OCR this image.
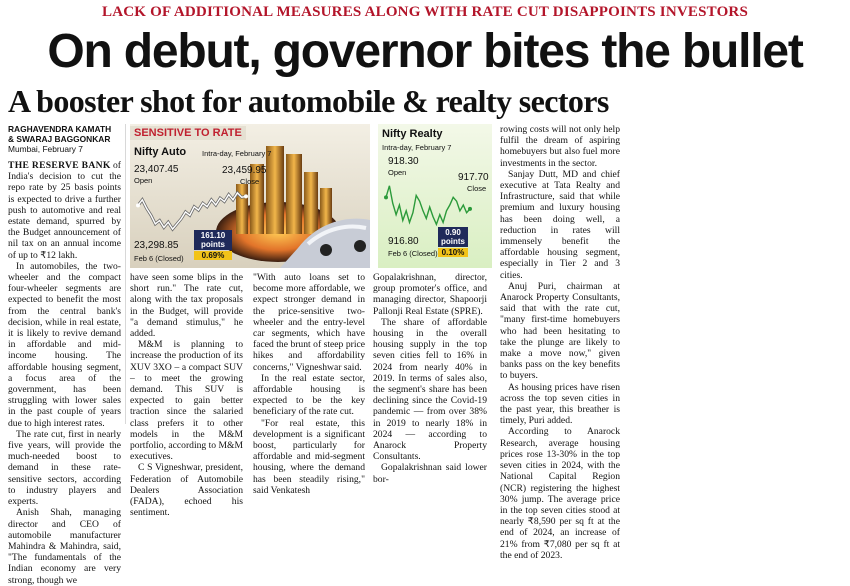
LACK OF ADDITIONAL MEASURES ALONG WITH RATE CUT DISAPPOINTS INVESTORS
On debut, governor bites the bullet
A booster shot for automobile & realty sectors
RAGHAVENDRA KAMATH
& SWARAJ BAGGONKAR
Mumbai, February 7

THE RESERVE BANK of India's decision to cut the repo rate by 25 basis points is expected to drive a further push to automotive and real estate demand, spurred by the Budget announcement of nil tax on an annual income of up to ₹12 lakh.

In automobiles, the two-wheeler and the compact four-wheeler segments are expected to benefit the most from the central bank's decision, while in real estate, it is likely to revive demand in affordable and mid-income housing. The affordable housing segment, a focus area of the government, has been struggling with lower sales in the past couple of years due to high interest rates.

The rate cut, first in nearly five years, will provide the much-needed boost to demand in these rate-sensitive sectors, according to industry players and experts.

Anish Shah, managing director and CEO of automobile manufacturer Mahindra & Mahindra, said, "The fundamentals of the Indian economy are very strong, though we

SENSITIVE TO RATE
Nifty Auto Intra-day, February 7
23,407.45
Open
23,459.95
Close
23,298.85
Feb 6 (Closed)
161.10
points
0.69%
Nifty Realty
Intra-day, February 7
918.30
Open	917.70
Close
916.80
Feb 6 (Closed)
0.90
points
0.10%

have seen some blips in the short run." The rate cut, along with the tax proposals in the Budget, will provide "a demand stimulus," he added.

M&M is planning to increase the production of its XUV 3XO – a compact SUV – to meet the growing demand. This SUV is expected to gain better traction since the salaried class prefers it to other models in the M&M portfolio, according to M&M executives.

C S Vigneshwar, president, Federation of Automobile Dealers Association (FADA), echoed his sentiment.

"With auto loans set to become more affordable, we expect stronger demand in the price-sensitive two-wheeler and the entry-level car segments, which have faced the brunt of steep price hikes and affordability concerns," Vigneshwar said.

In the real estate sector, affordable housing is expected to be the key beneficiary of the rate cut.

"For real estate, this development is a significant boost, particularly for affordable and mid-segment housing, where the demand has been steadily rising," said Venkatesh

Gopalakrishnan, director, group promoter's office, and managing director, Shapoorji Pallonji Real Estate (SPRE).

The share of affordable housing in the overall housing supply in the top seven cities fell to 16% in 2024 from nearly 40% in 2019. In terms of sales also, the segment's share has been declining since the Covid-19 pandemic — from over 38% in 2019 to nearly 18% in 2024 — according to Anarock Property Consultants.

Gopalakrishnan said lower bor-

rowing costs will not only help fulfil the dream of aspiring homebuyers but also fuel more investments in the sector.

Sanjay Dutt, MD and chief executive at Tata Realty and Infrastructure, said that while premium and luxury housing has been doing well, a reduction in rates will immensely benefit the affordable housing segment, especially in Tier 2 and 3 cities.

Anuj Puri, chairman at Anarock Property Consultants, said that with the rate cut, "many first-time homebuyers who had been hesitating to take the plunge are likely to make a move now," given banks pass on the key benefits to buyers.

As housing prices have risen across the top seven cities in the past year, this breather is timely, Puri added.

According to Anarock Research, average housing prices rose 13-30% in the top seven cities in 2024, with the National Capital Region (NCR) registering the highest 30% jump. The average price in the top seven cities stood at nearly ₹8,590 per sq ft at the end of 2024, an increase of 21% from ₹7,080 per sq ft at the end of 2023.
